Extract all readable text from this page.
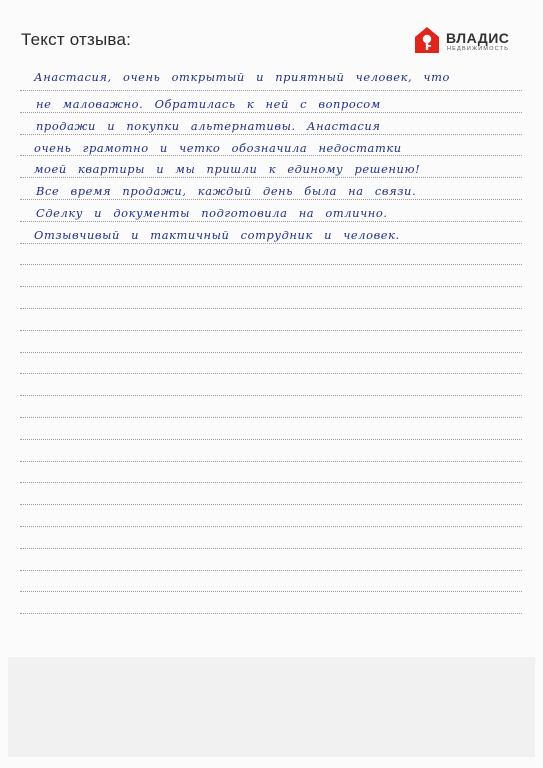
Текст отзыва:	ВЛАДИС
НЕДВИЖИМОСТЬ
Анастасия, очень открытый и приятный человек, что
не маловажно. Обратилась к ней с вопросом
продажи и покупки альтернативы. Анастасия
очень грамотно и четко обозначила недостатки
моей квартиры и мы пришли к единому решению!
Все время продажи, каждый день была на связи.
Сделку и документы подготовила на отлично.
Отзывчивый и тактичный сотрудник и человек.
